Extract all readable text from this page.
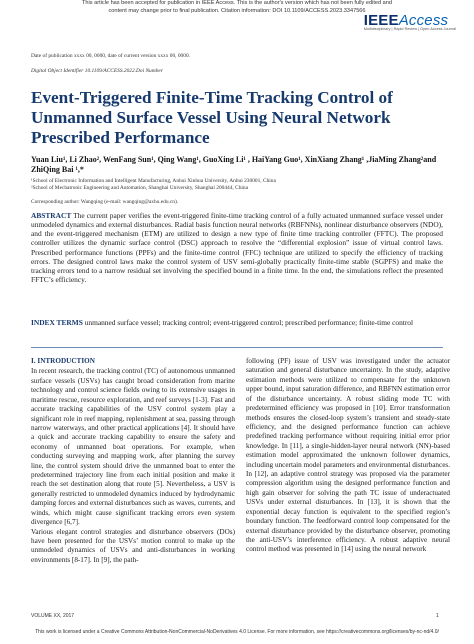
This article has been accepted for publication in IEEE Access. This is the author's version which has not been fully edited and
content may change prior to final publication. Citation information: DOI 10.1109/ACCESS.2023.3347566
IEEEAccess
Multidisciplinary | Rapid Review | Open Access Journal
Date of publication xxxx 00, 0000, date of current version xxxx 00, 0000.
Digital Object Identifier 10.1109/ACCESS.2022.Doi Number
Event-Triggered Finite-Time Tracking Control of Unmanned Surface Vessel Using Neural Network Prescribed Performance
Yuan Liu¹, Li Zhao², WenFang Sun¹, Qing Wang¹, GuoXing Li¹ , HaiYang Guo¹, XinXiang Zhang¹ ,JiaMing Zhang²and ZhiQing Bai ¹,*
¹School of Electronic Information and Intelligent Manufacturing, Anhui Xinhua University, Anhui 230001, China
²School of Mechatronic Engineering and Automation, Shanghai University, Shanghai 200444, China
Corresponding author: Wangqing (e-mail: wangqing@axhu.edu.cn).
ABSTRACT The current paper verifies the event-triggered finite-time tracking control of a fully actuated unmanned surface vessel under unmodeled dynamics and external disturbances. Radial basis function neural networks (RBFNNs), nonlinear disturbance observers (NDO), and the event-triggered mechanism (ETM) are utilized to design a new type of finite time tracking controller (FFTC). The proposed controller utilizes the dynamic surface control (DSC) approach to resolve the “differential explosion” issue of virtual control laws. Prescribed performance functions (PPFs) and the finite-time control (FFC) technique are utilized to specify the efficiency of tracking errors. The designed control laws make the control system of USV semi-globally practically finite-time stable (SGPFS) and make the tracking errors tend to a narrow residual set involving the specified bound in a finite time. In the end, the simulations reflect the presented FFTC’s efficiency.
INDEX TERMS unmanned surface vessel; tracking control; event-triggered control; prescribed performance; finite-time control
I. INTRODUCTION
In recent research, the tracking control (TC) of autonomous unmanned surface vessels (USVs) has caught broad consideration from marine technology and control science fields owing to its extensive usages in maritime rescue, resource exploration, and reef surveys [1-3]. Fast and accurate tracking capabilities of the USV control system play a significant role in reef mapping, replenishment at sea, passing through narrow waterways, and other practical applications [4]. It should have a quick and accurate tracking capability to ensure the safety and economy of unmanned boat operations. For example, when conducting surveying and mapping work, after planning the survey line, the control system should drive the unmanned boat to enter the predetermined trajectory line from each initial position and make it reach the set destination along that route [5]. Nevertheless, a USV is generally restricted to unmodeled dynamics induced by hydrodynamic damping forces and external disturbances such as waves, currents, and winds, which might cause significant tracking errors even system divergence [6,7].
Various elegant control strategies and disturbance observers (DOs) have been presented for the USVs’ motion control to make up the unmodeled dynamics of USVs and anti-disturbances in working environments [8-17]. In [9], the path-
following (PF) issue of USV was investigated under the actuator saturation and general disturbance uncertainty. In the study, adaptive estimation methods were utilized to compensate for the unknown upper bound, input saturation difference, and RBFNN estimation error of the disturbance uncertainty. A robust sliding mode TC with predetermined efficiency was proposed in [10]. Error transformation methods ensures the closed-loop system’s transient and steady-state efficiency, and the designed performance function can achieve predefined tracking performance without requiring initial error prior knowledge. In [11], a single-hidden-layer neural network (NN)-based estimation model approximated the unknown follower dynamics, including uncertain model parameters and environmental disturbances. In [12], an adaptive control strategy was proposed via the parameter compression algorithm using the designed performance function and high gain observer for solving the path TC issue of underactuated USVs under external disturbances. In [13], it is shown that the exponential decay function is equivalent to the specified region’s boundary function. The feedforward control loop compensated for the external disturbance provided by the disturbance observer, promoting the anti-USV’s interference efficiency. A robust adaptive neural control method was presented in [14] using the neural network
VOLUME XX, 2017	1
This work is licensed under a Creative Commons Attribution-NonCommercial-NoDerivatives 4.0 License. For more information, see https://creativecommons.org/licenses/by-nc-nd/4.0/
